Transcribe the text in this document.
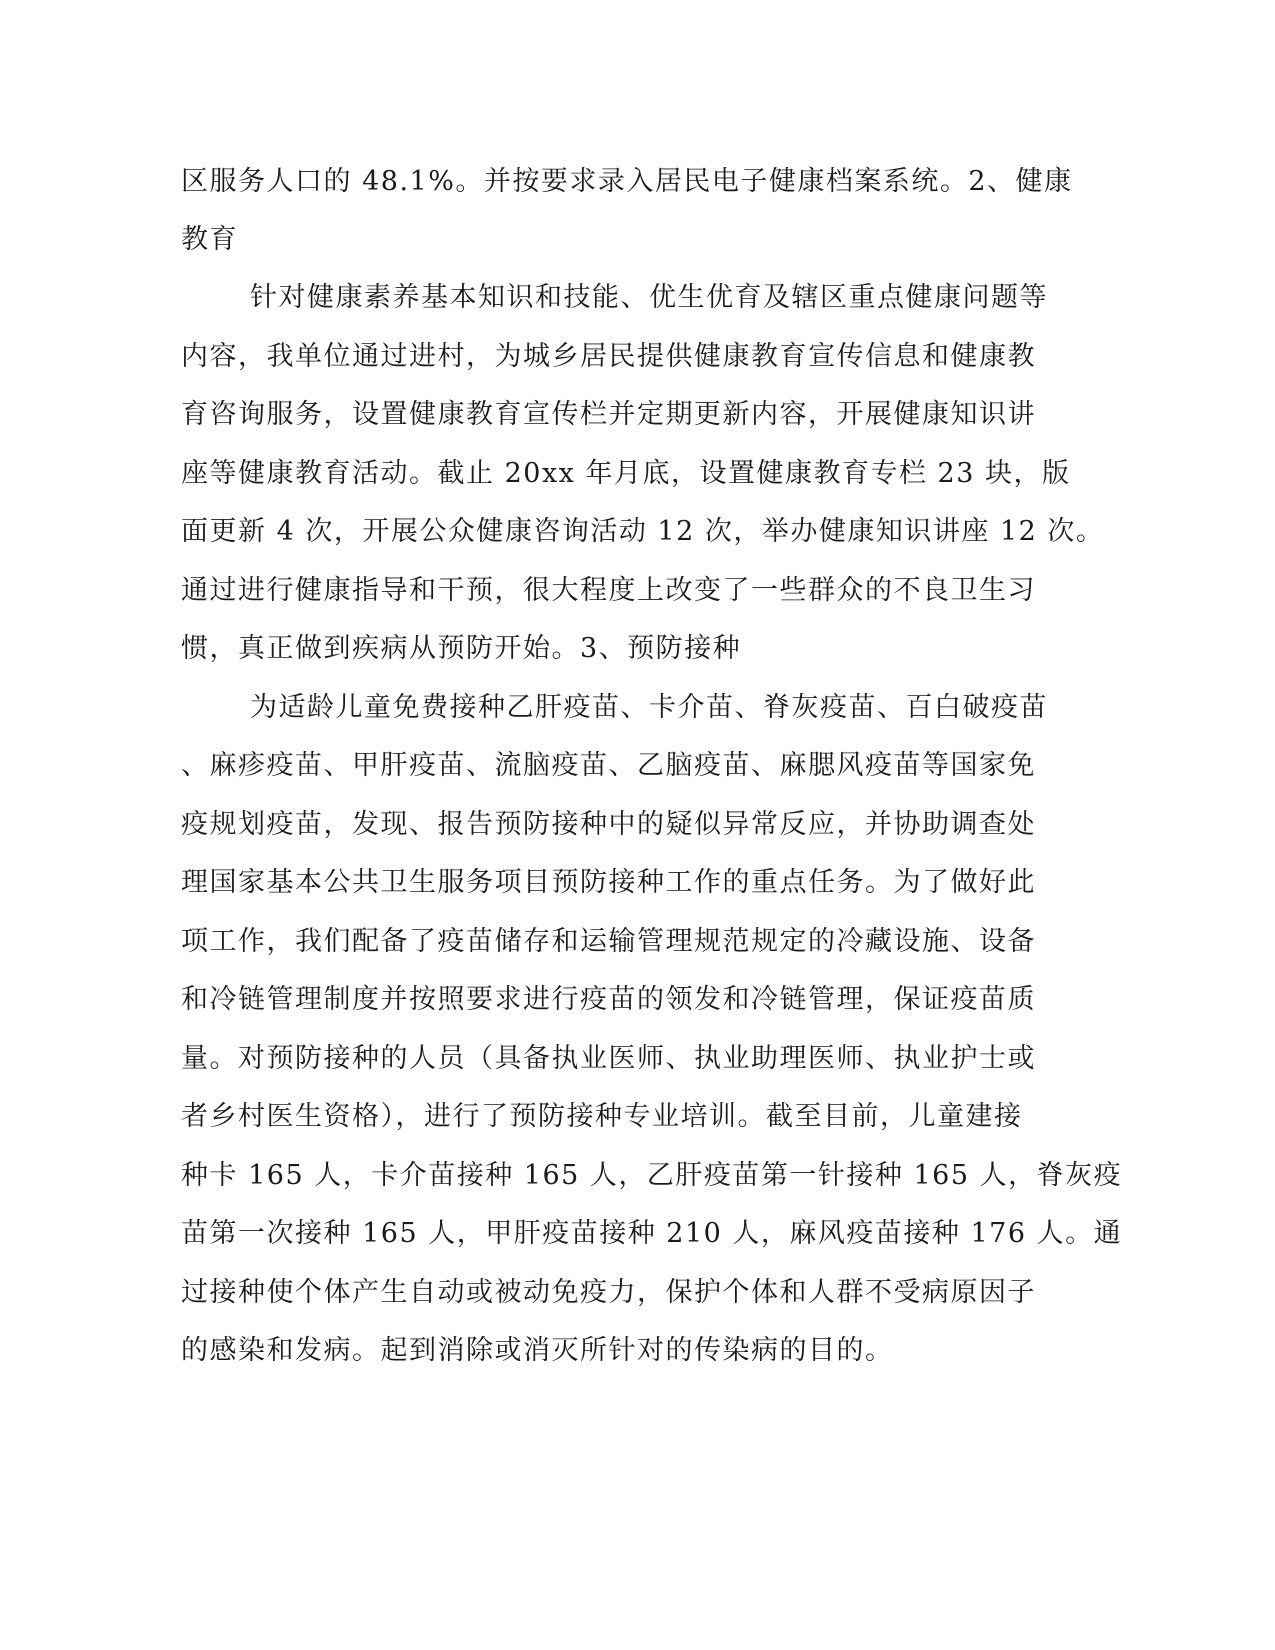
区服务人口的 48.1%。并按要求录入居民电子健康档案系统。2、健康
教育
针对健康素养基本知识和技能、优生优育及辖区重点健康问题等
内容，我单位通过进村，为城乡居民提供健康教育宣传信息和健康教
育咨询服务，设置健康教育宣传栏并定期更新内容，开展健康知识讲
座等健康教育活动。截止 20xx 年月底，设置健康教育专栏 23 块，版
面更新 4 次，开展公众健康咨询活动 12 次，举办健康知识讲座 12 次。
通过进行健康指导和干预，很大程度上改变了一些群众的不良卫生习
惯，真正做到疾病从预防开始。3、预防接种
为适龄儿童免费接种乙肝疫苗、卡介苗、脊灰疫苗、百白破疫苗
、麻疹疫苗、甲肝疫苗、流脑疫苗、乙脑疫苗、麻腮风疫苗等国家免
疫规划疫苗，发现、报告预防接种中的疑似异常反应，并协助调查处
理国家基本公共卫生服务项目预防接种工作的重点任务。为了做好此
项工作，我们配备了疫苗储存和运输管理规范规定的冷藏设施、设备
和冷链管理制度并按照要求进行疫苗的领发和冷链管理，保证疫苗质
量。对预防接种的人员（具备执业医师、执业助理医师、执业护士或
者乡村医生资格），进行了预防接种专业培训。截至目前，儿童建接
种卡 165 人，卡介苗接种 165 人，乙肝疫苗第一针接种 165 人，脊灰疫
苗第一次接种 165 人，甲肝疫苗接种 210 人，麻风疫苗接种 176 人。通
过接种使个体产生自动或被动免疫力，保护个体和人群不受病原因子
的感染和发病。起到消除或消灭所针对的传染病的目的。
